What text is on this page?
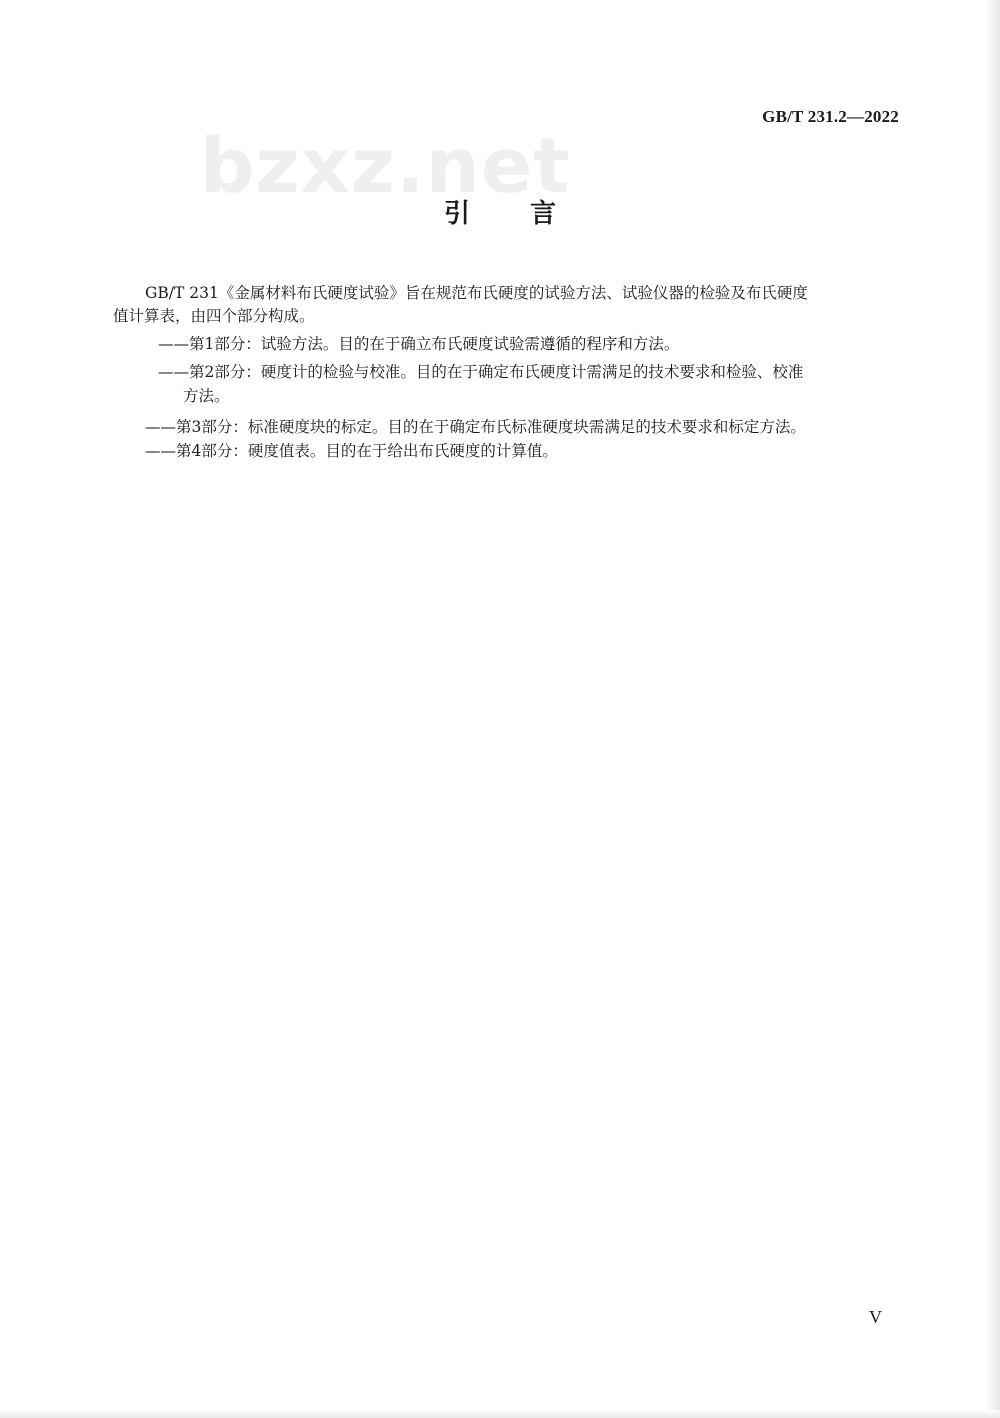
GB/T 231.2—2022
bzxz.net
引言
GB/T 231《金属材料布氏硬度试验》旨在规范布氏硬度的试验方法、试验仪器的检验及布氏硬度
值计算表，由四个部分构成。
——第1部分：试验方法。目的在于确立布氏硬度试验需遵循的程序和方法。
——第2部分：硬度计的检验与校准。目的在于确定布氏硬度计需满足的技术要求和检验、校准
方法。
——第3部分：标准硬度块的标定。目的在于确定布氏标准硬度块需满足的技术要求和标定方法。
——第4部分：硬度值表。目的在于给出布氏硬度的计算值。
V
